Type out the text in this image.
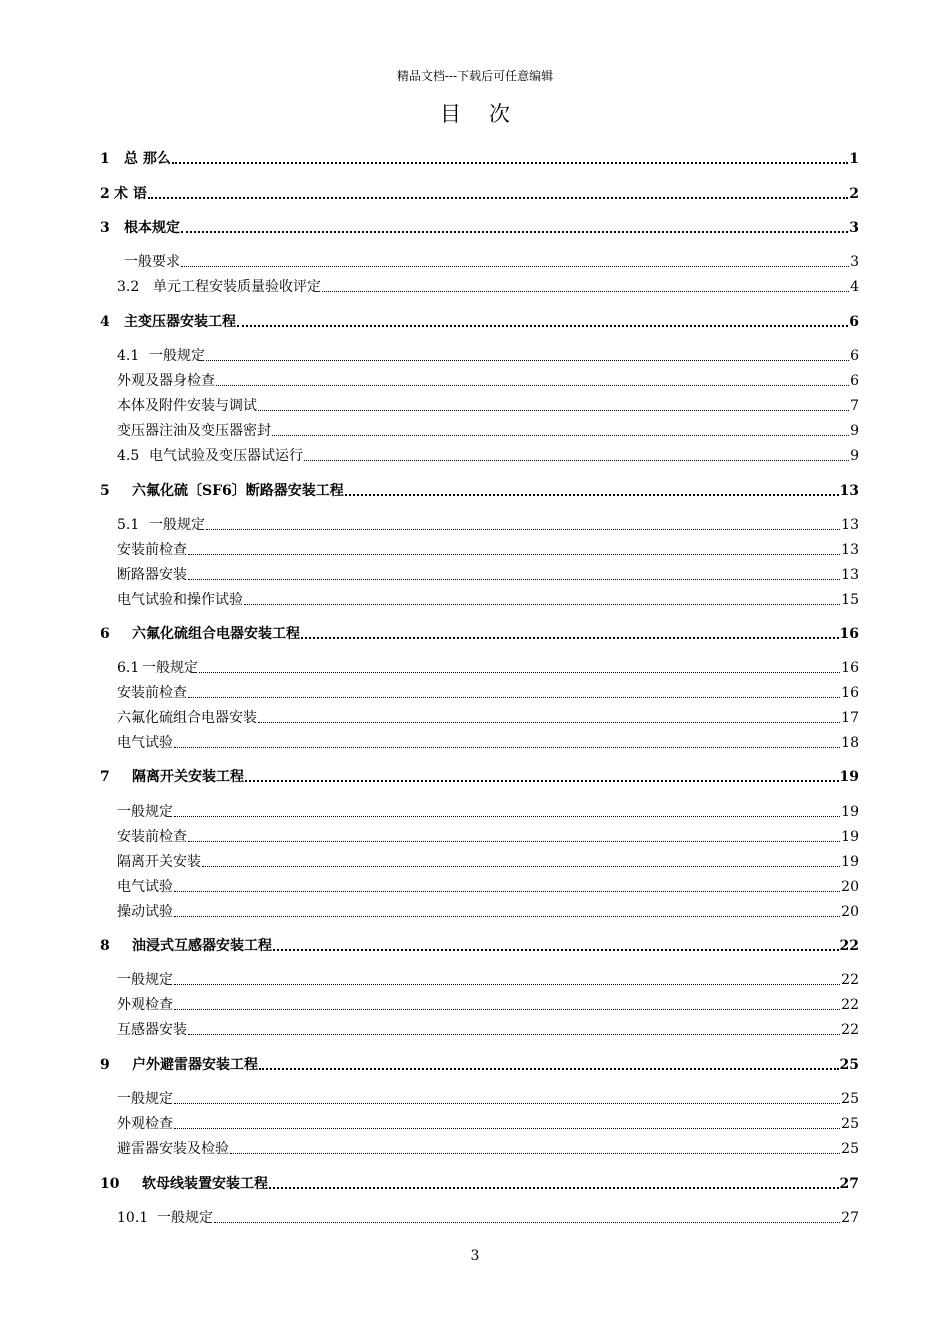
精品文档---下载后可任意编辑
目次
1	总 那么	1
2 术 语	2
3	根本规定	3
一般要求	3
3.2 单元工程安装质量验收评定	4
4	主变压器安装工程	6
4.1 一般规定	6
外观及器身检查	6
本体及附件安装与调试	7
变压器注油及变压器密封	9
4.5 电气试验及变压器试运行	9
5	六氟化硫〔SF6〕断路器安装工程	13
5.1 一般规定	13
安装前检查	13
断路器安装	13
电气试验和操作试验	15
6	六氟化硫组合电器安装工程	16
6.1 一般规定	16
安装前检查	16
六氟化硫组合电器安装	17
电气试验	18
7	隔离开关安装工程	19
一般规定	19
安装前检查	19
隔离开关安装	19
电气试验	20
操动试验	20
8	油浸式互感器安装工程	22
一般规定	22
外观检查	22
互感器安装	22
9	户外避雷器安装工程	25
一般规定	25
外观检查	25
避雷器安装及检验	25
10	软母线装置安装工程	27
10.1 一般规定	27
3
